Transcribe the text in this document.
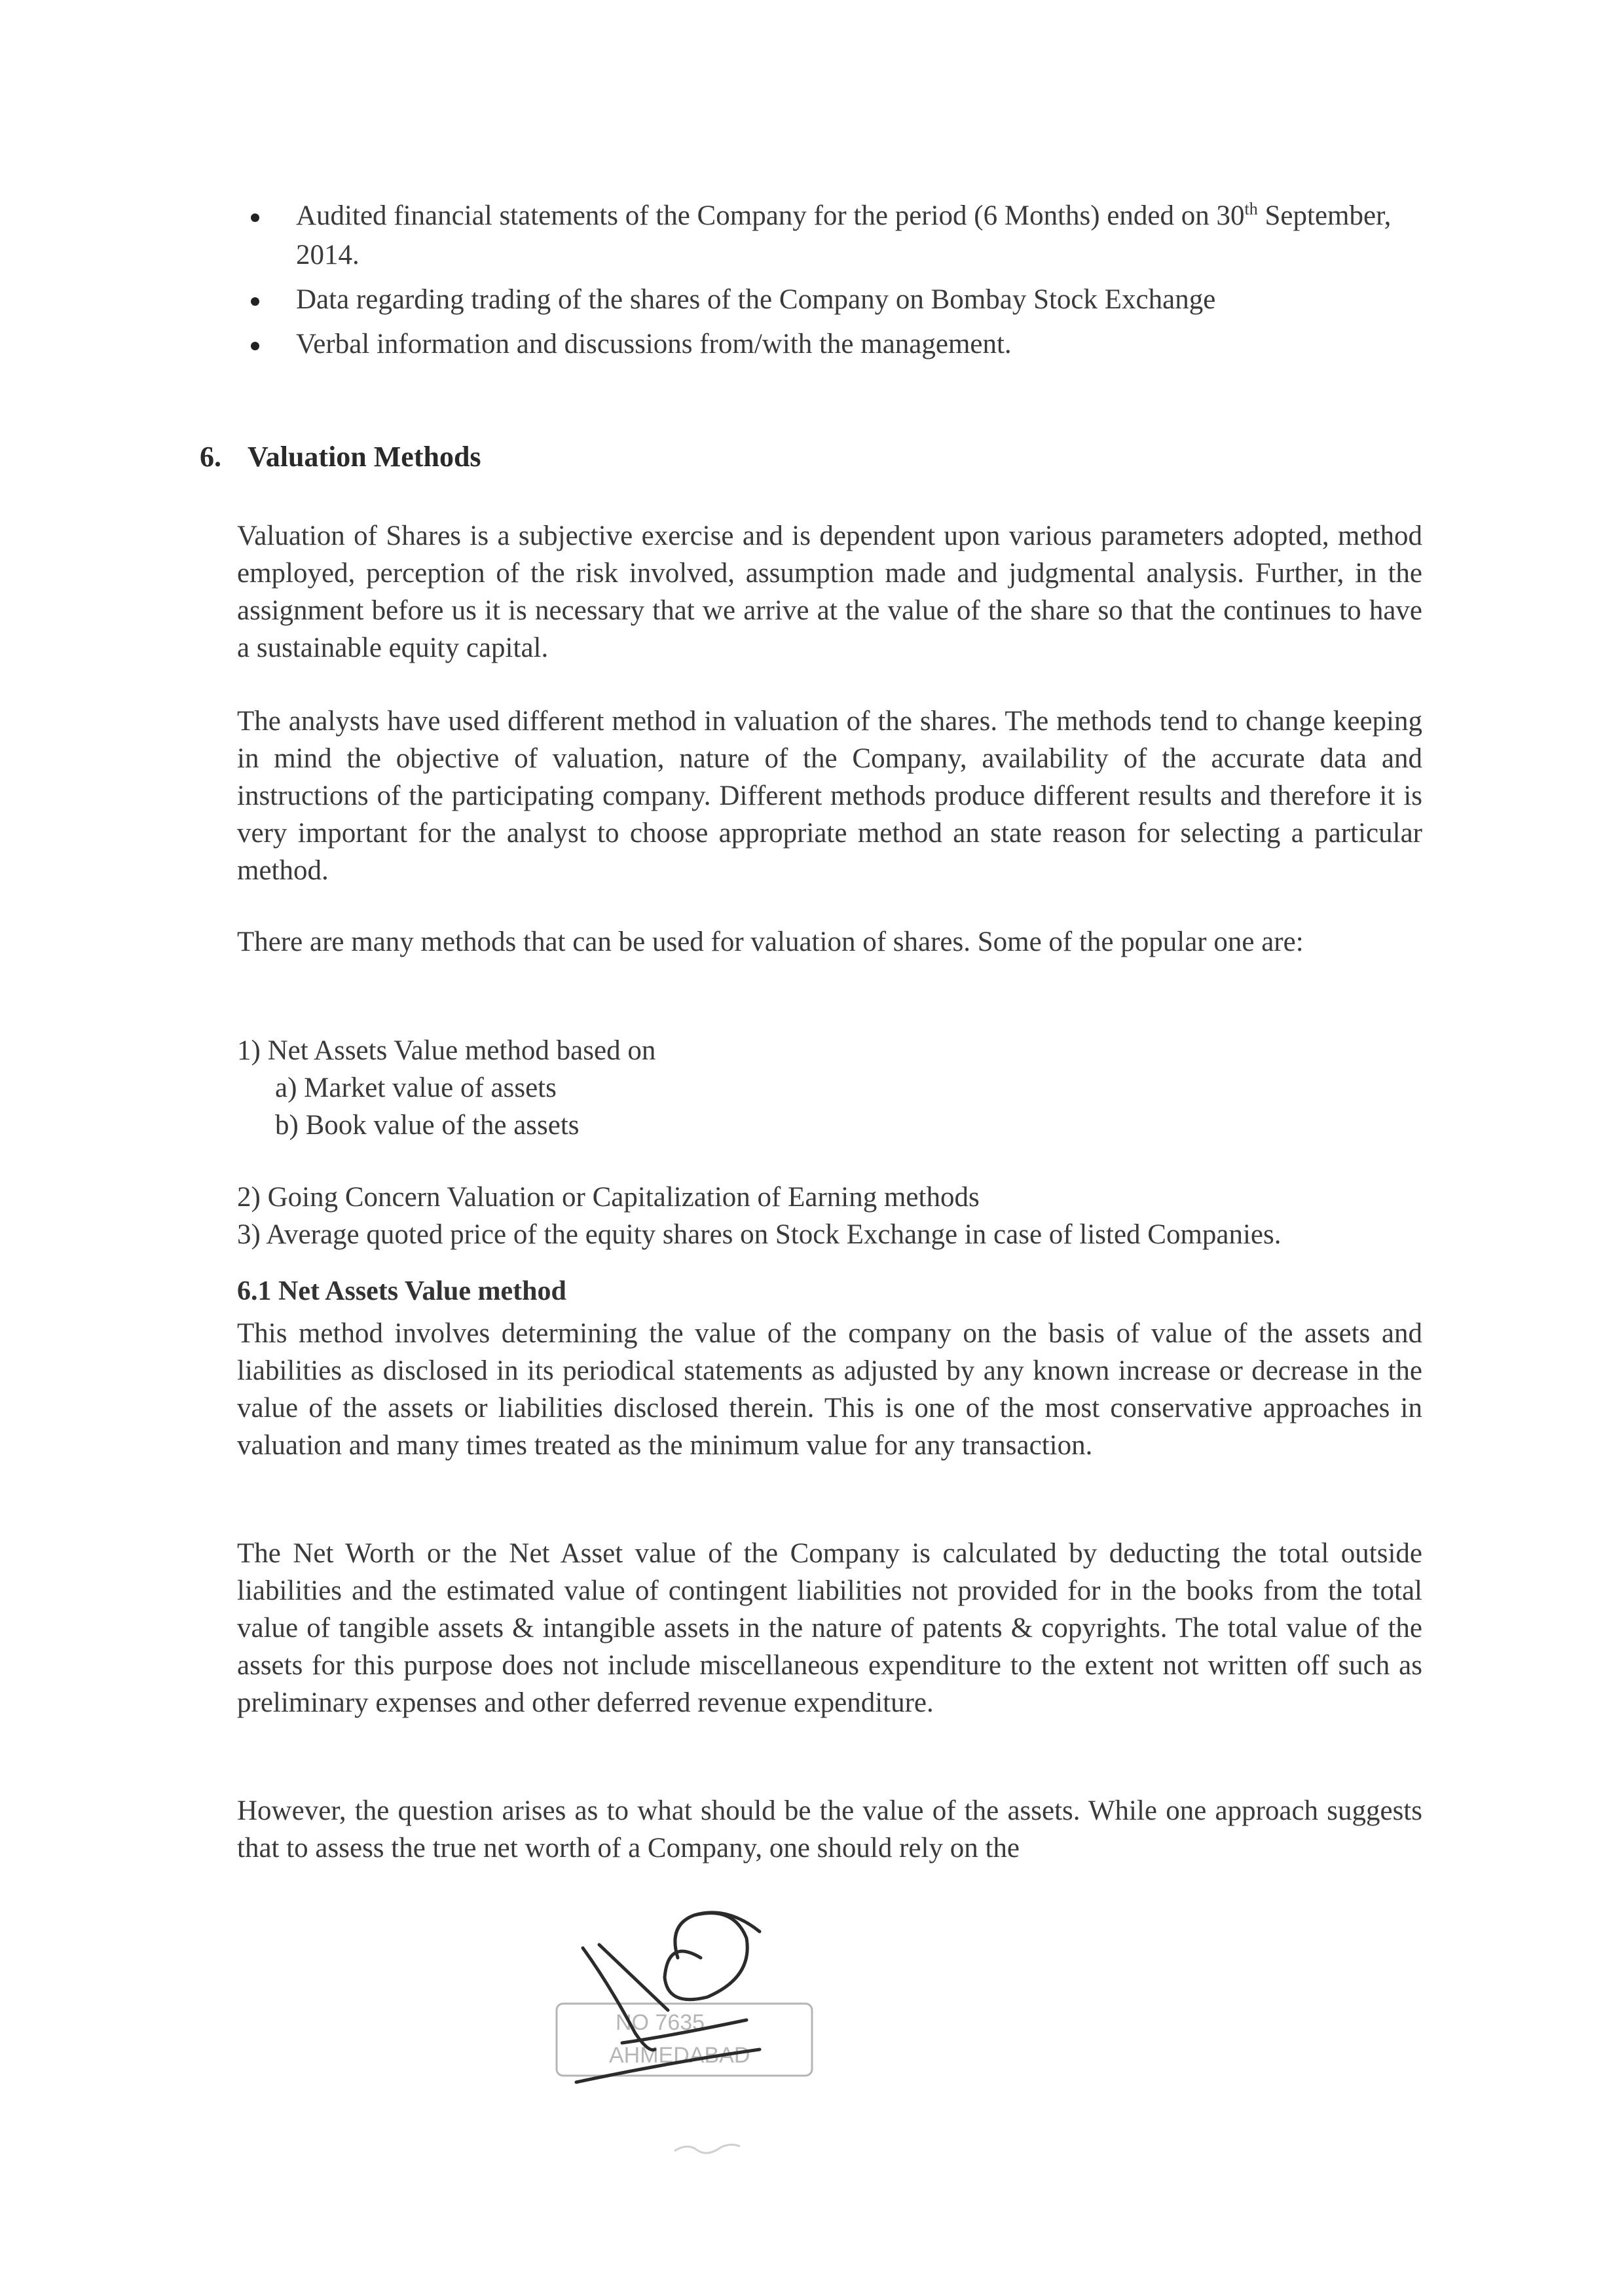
Audited financial statements of the Company for the period (6 Months) ended on 30th September, 2014.
Data regarding trading of the shares of the Company on Bombay Stock Exchange
Verbal information and discussions from/with the management.
6. Valuation Methods

Valuation of Shares is a subjective exercise and is dependent upon various parameters adopted, method employed, perception of the risk involved, assumption made and judgmental analysis. Further, in the assignment before us it is necessary that we arrive at the value of the share so that the continues to have a sustainable equity capital.

The analysts have used different method in valuation of the shares. The methods tend to change keeping in mind the objective of valuation, nature of the Company, availability of the accurate data and instructions of the participating company. Different methods produce different results and therefore it is very important for the analyst to choose appropriate method an state reason for selecting a particular method.

There are many methods that can be used for valuation of shares. Some of the popular one are:

1) Net Assets Value method based on

a) Market value of assets

b) Book value of the assets

2) Going Concern Valuation or Capitalization of Earning methods

3) Average quoted price of the equity shares on Stock Exchange in case of listed Companies.

6.1 Net Assets Value method

This method involves determining the value of the company on the basis of value of the assets and liabilities as disclosed in its periodical statements as adjusted by any known increase or decrease in the value of the assets or liabilities disclosed therein. This is one of the most conservative approaches in valuation and many times treated as the minimum value for any transaction.

The Net Worth or the Net Asset value of the Company is calculated by deducting the total outside liabilities and the estimated value of contingent liabilities not provided for in the books from the total value of tangible assets & intangible assets in the nature of patents & copyrights. The total value of the assets for this purpose does not include miscellaneous expenditure to the extent not written off such as preliminary expenses and other deferred revenue expenditure.

However, the question arises as to what should be the value of the assets. While one approach suggests that to assess the true net worth of a Company, one should rely on the

NO 7635
AHMEDABAD
